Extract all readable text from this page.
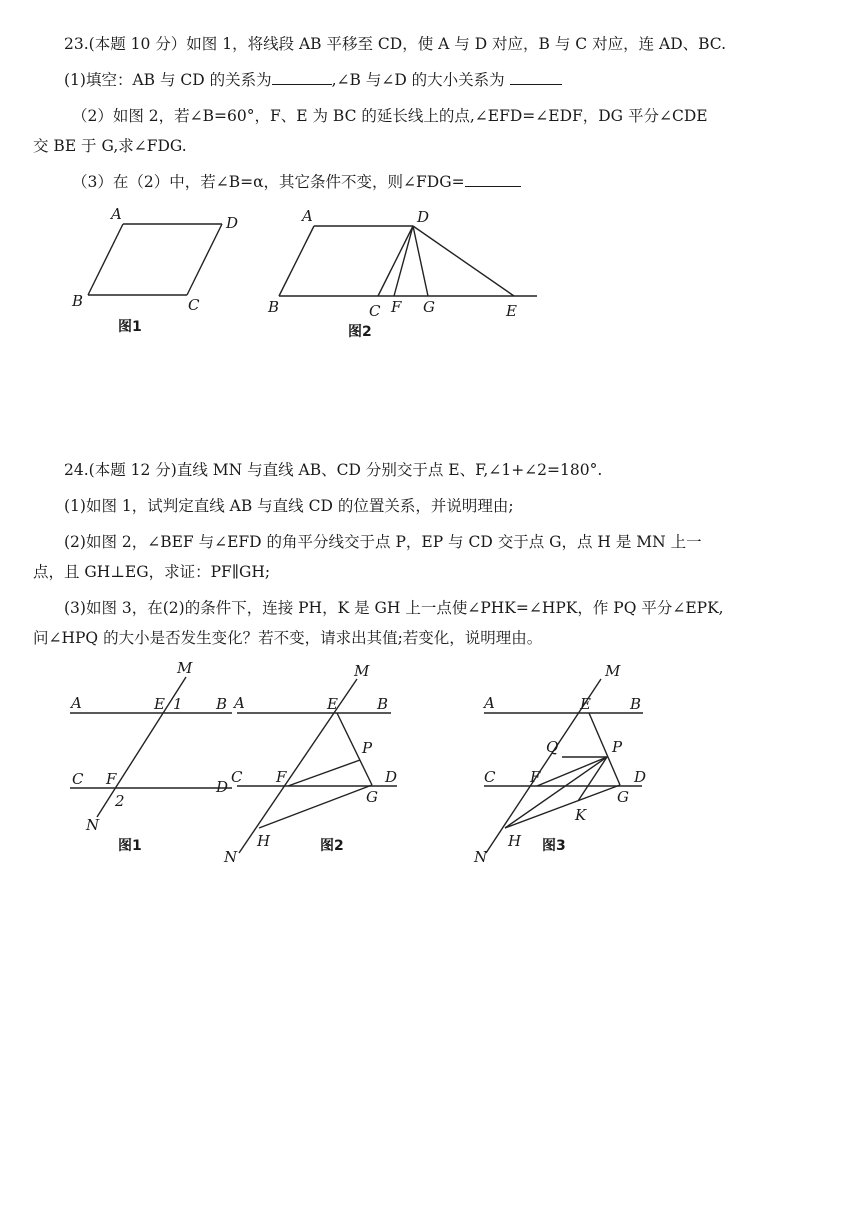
23.(本题 10 分）如图 1，将线段 AB 平移至 CD，使 A 与 D 对应，B 与 C 对应，连 AD、BC.
(1)填空：AB 与 CD 的关系为	,∠B 与∠D 的大小关系为
（2）如图 2，若∠B=60°，F、E 为 BC 的延长线上的点,∠EFD=∠EDF，DG 平分∠CDE
交 BE 于 G,求∠FDG.
（3）在（2）中，若∠B=α，其它条件不变，则∠FDG=
A	D
B	C
图1
A	D
B	C F G	E
图2
24.(本题 12 分)直线 MN 与直线 AB、CD 分别交于点 E、F,∠1+∠2=180°.
(1)如图 1，试判定直线 AB 与直线 CD 的位置关系，并说明理由;
(2)如图 2，∠BEF 与∠EFD 的角平分线交于点 P，EP 与 CD 交于点 G，点 H 是 MN 上一
点，且 GH⊥EG，求证：PF∥GH;
(3)如图 3，在(2)的条件下，连接 PH，K 是 GH 上一点使∠PHK=∠HPK，作 PQ 平分∠EPK,
问∠HPQ 的大小是否发生变化？若不变，请求出其值;若变化，说明理由。
M
A	E 1 B
C F	D
2
N
图1
M
A	E	B
P
C F	D
G
H
N
图2
M
A	E	B
Q	P
C F	D
G
K
H
N
图3
